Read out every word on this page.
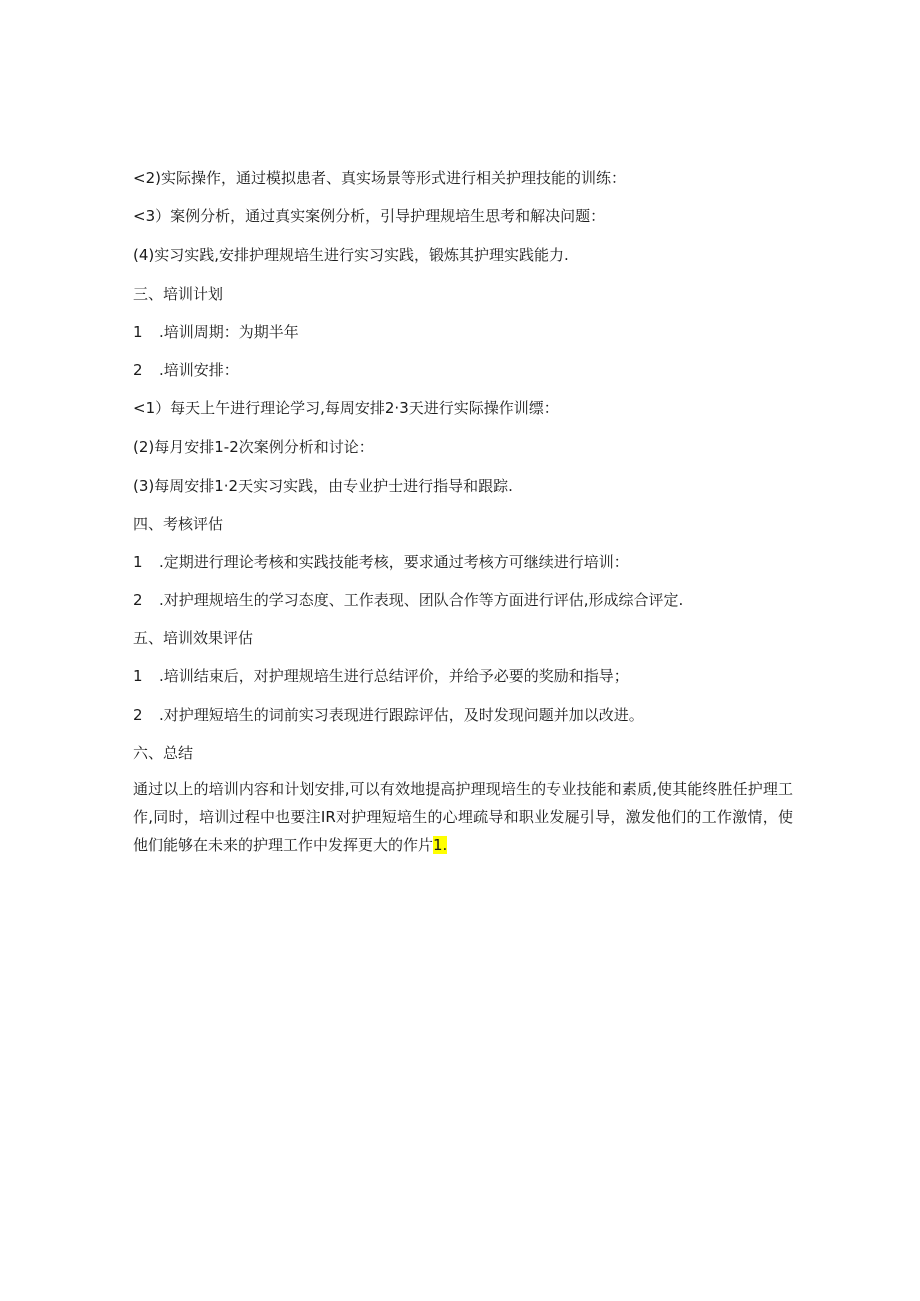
<2)实际操作，通过模拟患者、真实场景等形式进行相关护理技能的训练：
<3）案例分析，通过真实案例分析，引导护理规培生思考和解决问题：
(4)实习实践,安排护理规培生进行实习实践，锻炼其护理实践能力.
三、培训计划
1 .培训周期：为期半年
2 .培训安排：
<1）每天上午进行理论学习,每周安排2·3天进行实际操作训缥：
(2)每月安排1-2次案例分析和讨论：
(3)每周安排1·2天实习实践，由专业护士进行指导和跟踪.
四、考核评估
1 .定期进行理论考核和实践技能考核，要求通过考核方可继续进行培训：
2 .对护理规培生的学习态度、工作表现、团队合作等方面进行评估,形成综合评定.
五、培训效果评估
1 .培训结束后，对护理规培生进行总结评价，并给予必要的奖励和指导；
2 .对护理短培生的词前实习表现进行跟踪评估，及时发现问题并加以改进。
六、总结
通过以上的培训内容和计划安排,可以有效地提高护理现培生的专业技能和素质,使其能终胜任护理工作,同时，培训过程中也要注IR对护理短培生的心埋疏导和职业发屣引导，激发他们的工作激情，使他们能够在未来的护理工作中发挥更大的作片1.
